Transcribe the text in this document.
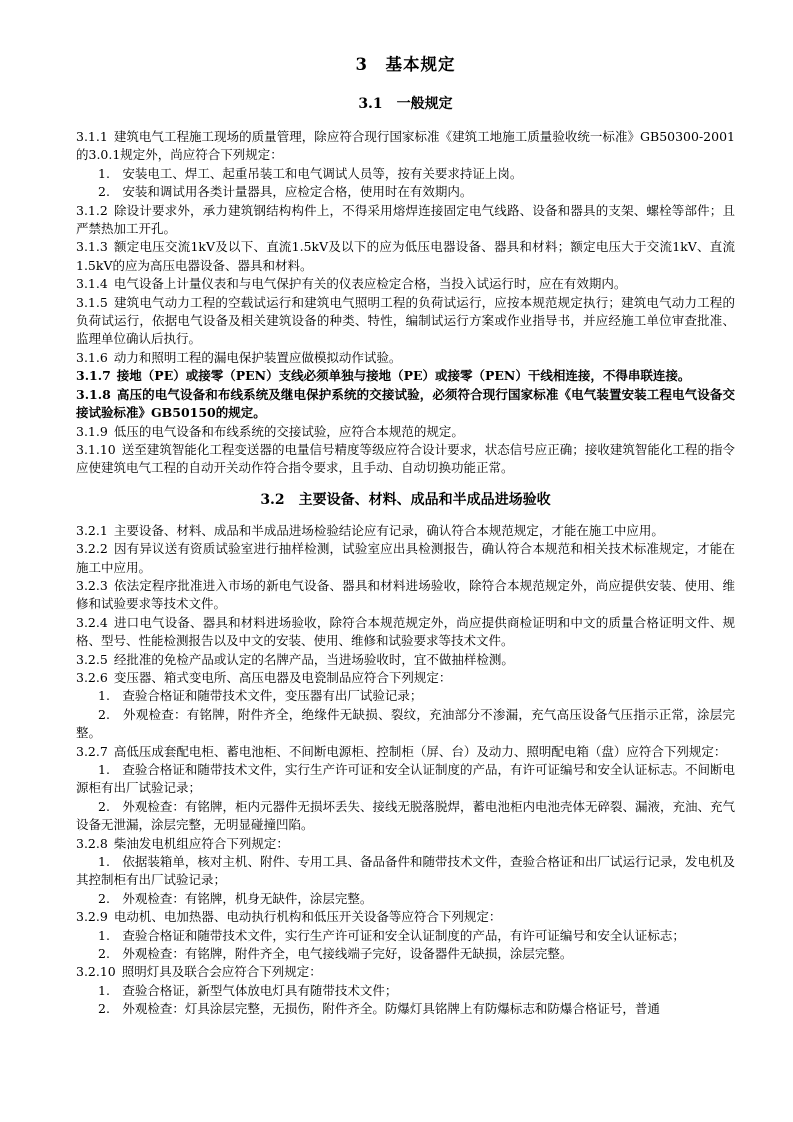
3　基本规定
3.1　一般规定

3.1.1 建筑电气工程施工现场的质量管理，除应符合现行国家标准《建筑工地施工质量验收统一标准》GB50300-2001的3.0.1规定外，尚应符合下列规定：

1.　安装电工、焊工、起重吊装工和电气调试人员等，按有关要求持证上岗。

2.　安装和调试用各类计量器具，应检定合格，使用时在有效期内。

3.1.2 除设计要求外，承力建筑钢结构构件上，不得采用熔焊连接固定电气线路、设备和器具的支架、螺栓等部件；且严禁热加工开孔。

3.1.3 额定电压交流1kV及以下、直流1.5kV及以下的应为低压电器设备、器具和材料；额定电压大于交流1kV、直流1.5kV的应为高压电器设备、器具和材料。

3.1.4 电气设备上计量仪表和与电气保护有关的仪表应检定合格，当投入试运行时，应在有效期内。

3.1.5 建筑电气动力工程的空载试运行和建筑电气照明工程的负荷试运行，应按本规范规定执行；建筑电气动力工程的负荷试运行，依据电气设备及相关建筑设备的种类、特性，编制试运行方案或作业指导书，并应经施工单位审查批准、监理单位确认后执行。

3.1.6 动力和照明工程的漏电保护装置应做模拟动作试验。

3.1.7 接地（PE）或接零（PEN）支线必须单独与接地（PE）或接零（PEN）干线相连接，不得串联连接。

3.1.8 高压的电气设备和布线系统及继电保护系统的交接试验，必须符合现行国家标准《电气装置安装工程电气设备交接试验标准》GB50150的规定。

3.1.9 低压的电气设备和布线系统的交接试验，应符合本规范的规定。

3.1.10 送至建筑智能化工程变送器的电量信号精度等级应符合设计要求，状态信号应正确；接收建筑智能化工程的指令应使建筑电气工程的自动开关动作符合指令要求，且手动、自动切换功能正常。

3.2　主要设备、材料、成品和半成品进场验收

3.2.1 主要设备、材料、成品和半成品进场检验结论应有记录，确认符合本规范规定，才能在施工中应用。

3.2.2 因有异议送有资质试验室进行抽样检测，试验室应出具检测报告，确认符合本规范和相关技术标准规定，才能在施工中应用。

3.2.3 依法定程序批准进入市场的新电气设备、器具和材料进场验收，除符合本规范规定外，尚应提供安装、使用、维修和试验要求等技术文件。

3.2.4 进口电气设备、器具和材料进场验收，除符合本规范规定外，尚应提供商检证明和中文的质量合格证明文件、规格、型号、性能检测报告以及中文的安装、使用、维修和试验要求等技术文件。

3.2.5 经批准的免检产品或认定的名牌产品，当进场验收时，宜不做抽样检测。

3.2.6 变压器、箱式变电所、高压电器及电瓷制品应符合下列规定：

1.　查验合格证和随带技术文件，变压器有出厂试验记录；

2.　外观检查：有铭牌，附件齐全，绝缘件无缺损、裂纹，充油部分不渗漏，充气高压设备气压指示正常，涂层完整。

3.2.7 高低压成套配电柜、蓄电池柜、不间断电源柜、控制柜（屏、台）及动力、照明配电箱（盘）应符合下列规定：

1.　查验合格证和随带技术文件，实行生产许可证和安全认证制度的产品，有许可证编号和安全认证标志。不间断电源柜有出厂试验记录；

2.　外观检查：有铭牌，柜内元器件无损坏丢失、接线无脱落脱焊，蓄电池柜内电池壳体无碎裂、漏液，充油、充气设备无泄漏，涂层完整，无明显碰撞凹陷。

3.2.8 柴油发电机组应符合下列规定：

1.　依据装箱单，核对主机、附件、专用工具、备品备件和随带技术文件，查验合格证和出厂试运行记录，发电机及其控制柜有出厂试验记录；

2.　外观检查：有铭牌，机身无缺件，涂层完整。

3.2.9 电动机、电加热器、电动执行机构和低压开关设备等应符合下列规定：

1.　查验合格证和随带技术文件，实行生产许可证和安全认证制度的产品，有许可证编号和安全认证标志；

2.　外观检查：有铭牌，附件齐全，电气接线端子完好，设备器件无缺损，涂层完整。

3.2.10 照明灯具及联合会应符合下列规定：

1.　查验合格证，新型气体放电灯具有随带技术文件；

2.　外观检查：灯具涂层完整，无损伤，附件齐全。防爆灯具铭牌上有防爆标志和防爆合格证号，普通
